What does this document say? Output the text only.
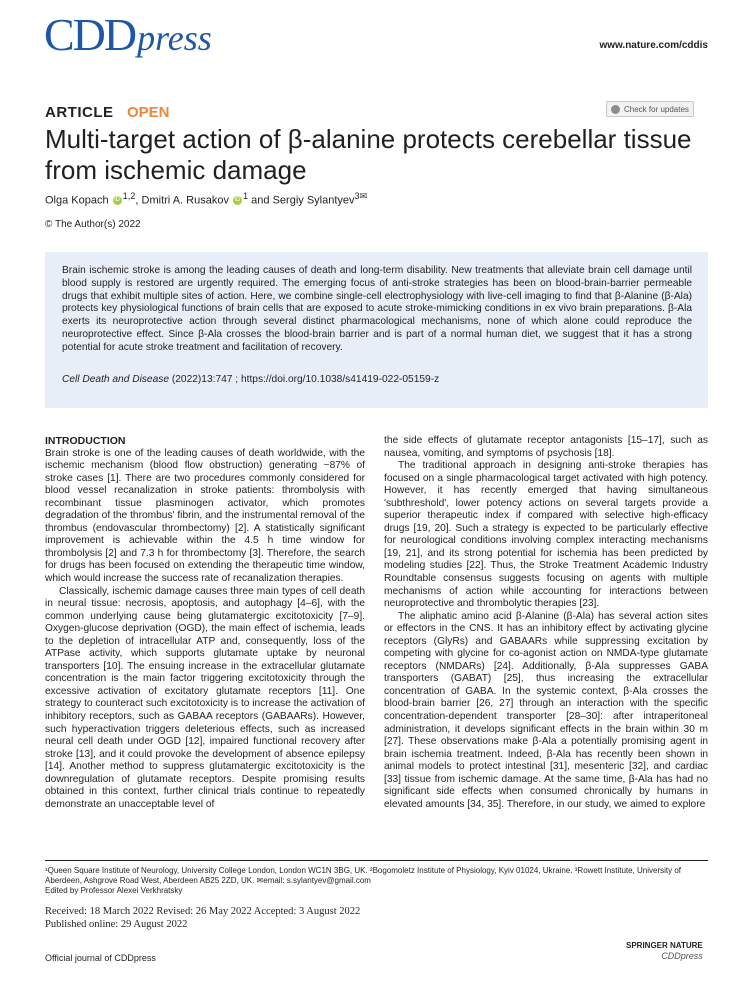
CDDpress	www.nature.com/cddis
ARTICLE OPEN	Check for updates
Multi-target action of β-alanine protects cerebellar tissue from ischemic damage
Olga Kopach iD $^{1,2}$, Dmitri A. Rusakov iD $^1$ and Sergiy Sylantyev$^{3✉}$
© The Author(s) 2022
Brain ischemic stroke is among the leading causes of death and long-term disability. New treatments that alleviate brain cell damage until blood supply is restored are urgently required. The emerging focus of anti-stroke strategies has been on blood-brain-barrier permeable drugs that exhibit multiple sites of action. Here, we combine single-cell electrophysiology with live-cell imaging to find that β-Alanine (β-Ala) protects key physiological functions of brain cells that are exposed to acute stroke-mimicking conditions in ex vivo brain preparations. β-Ala exerts its neuroprotective action through several distinct pharmacological mechanisms, none of which alone could reproduce the neuroprotective effect. Since β-Ala crosses the blood-brain barrier and is part of a normal human diet, we suggest that it has a strong potential for acute stroke treatment and facilitation of recovery.
Cell Death and Disease (2022)13:747 ; https://doi.org/10.1038/s41419-022-05159-z

INTRODUCTION

Brain stroke is one of the leading causes of death worldwide, with the ischemic mechanism (blood flow obstruction) generating ~87% of stroke cases [1]. There are two procedures commonly considered for blood vessel recanalization in stroke patients: thrombolysis with recombinant tissue plasminogen activator, which promotes degradation of the thrombus' fibrin, and the instrumental removal of the thrombus (endovascular thrombectomy) [2]. A statistically significant improvement is achievable within the 4.5 h time window for thrombolysis [2] and 7.3 h for thrombectomy [3]. Therefore, the search for drugs has been focused on extending the therapeutic time window, which would increase the success rate of recanalization therapies.

Classically, ischemic damage causes three main types of cell death in neural tissue: necrosis, apoptosis, and autophagy [4–6], with the common underlying cause being glutamatergic excitotoxicity [7–9]. Oxygen-glucose deprivation (OGD), the main effect of ischemia, leads to the depletion of intracellular ATP and, consequently, loss of the ATPase activity, which supports glutamate uptake by neuronal transporters [10]. The ensuing increase in the extracellular glutamate concentration is the main factor triggering excitotoxicity through the excessive activation of excitatory glutamate receptors [11]. One strategy to counteract such excitotoxicity is to increase the activation of inhibitory receptors, such as GABAA receptors (GABAARs). However, such hyperactivation triggers deleterious effects, such as increased neural cell death under OGD [12], impaired functional recovery after stroke [13], and it could provoke the development of absence epilepsy [14]. Another method to suppress glutamatergic excitotoxicity is the downregulation of glutamate receptors. Despite promising results obtained in this context, further clinical trials continue to repeatedly demonstrate an unacceptable level of

the side effects of glutamate receptor antagonists [15–17], such as nausea, vomiting, and symptoms of psychosis [18].

The traditional approach in designing anti-stroke therapies has focused on a single pharmacological target activated with high potency. However, it has recently emerged that having simultaneous 'subthreshold', lower potency actions on several targets provide a superior therapeutic index if compared with selective high-efficacy drugs [19, 20]. Such a strategy is expected to be particularly effective for neurological conditions involving complex interacting mechanisms [19, 21], and its strong potential for ischemia has been predicted by modeling studies [22]. Thus, the Stroke Treatment Academic Industry Roundtable consensus suggests focusing on agents with multiple mechanisms of action while accounting for interactions between neuroprotective and thrombolytic therapies [23].

The aliphatic amino acid β-Alanine (β-Ala) has several action sites or effectors in the CNS. It has an inhibitory effect by activating glycine receptors (GlyRs) and GABAARs while suppressing excitation by competing with glycine for co-agonist action on NMDA-type glutamate receptors (NMDARs) [24]. Additionally, β-Ala suppresses GABA transporters (GABAT) [25], thus increasing the extracellular concentration of GABA. In the systemic context, β-Ala crosses the blood-brain barrier [26, 27] through an interaction with the specific concentration-dependent transporter [28–30]: after intraperitoneal administration, it develops significant effects in the brain within 30 m [27]. These observations make β-Ala a potentially promising agent in brain ischemia treatment. Indeed, β-Ala has recently been shown in animal models to protect intestinal [31], mesenteric [32], and cardiac [33] tissue from ischemic damage. At the same time, β-Ala has had no significant side effects when consumed chronically by humans in elevated amounts [34, 35]. Therefore, in our study, we aimed to explore

¹Queen Square Institute of Neurology, University College London, London WC1N 3BG, UK. ²Bogomoletz Institute of Physiology, Kyiv 01024, Ukraine. ³Rowett Institute, University of Aberdeen, Ashgrove Road West, Aberdeen AB25 2ZD, UK. ✉email: s.sylantyev@gmail.com
Edited by Professor Alexei Verkhratsky
Received: 18 March 2022 Revised: 26 May 2022 Accepted: 3 August 2022
Published online: 29 August 2022
Official journal of CDDpress
SPRINGER NATURE
CDDpress
